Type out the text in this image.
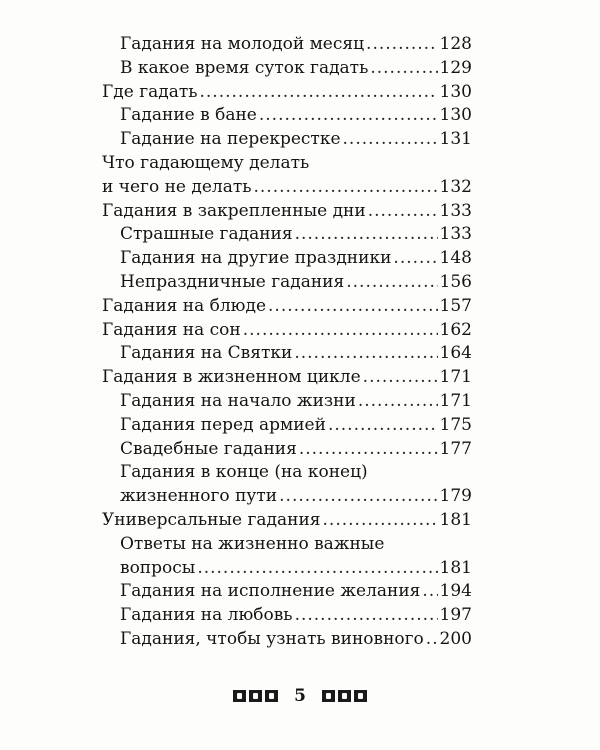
Гадания на молодой месяц .....	128
В какое время суток гадать .....	129
Где гадать .....	130
Гадание в бане .....	130
Гадание на перекрестке .....	131
Что гадающему делать
и чего не делать .....	132
Гадания в закрепленные дни .....	133
Страшные гадания .....	133
Гадания на другие праздники .....	148
Непраздничные гадания .....	156
Гадания на блюде .....	157
Гадания на сон .....	162
Гадания на Святки .....	164
Гадания в жизненном цикле .....	171
Гадания на начало жизни .....	171
Гадания перед армией .....	175
Свадебные гадания .....	177
Гадания в конце (на конец)
жизненного пути .....	179
Универсальные гадания .....	181
Ответы на жизненно важные
вопросы .....	181
Гадания на исполнение желания ..... 194
Гадания на любовь .....	197
Гадания, чтобы узнать виновного ..... 200
5
